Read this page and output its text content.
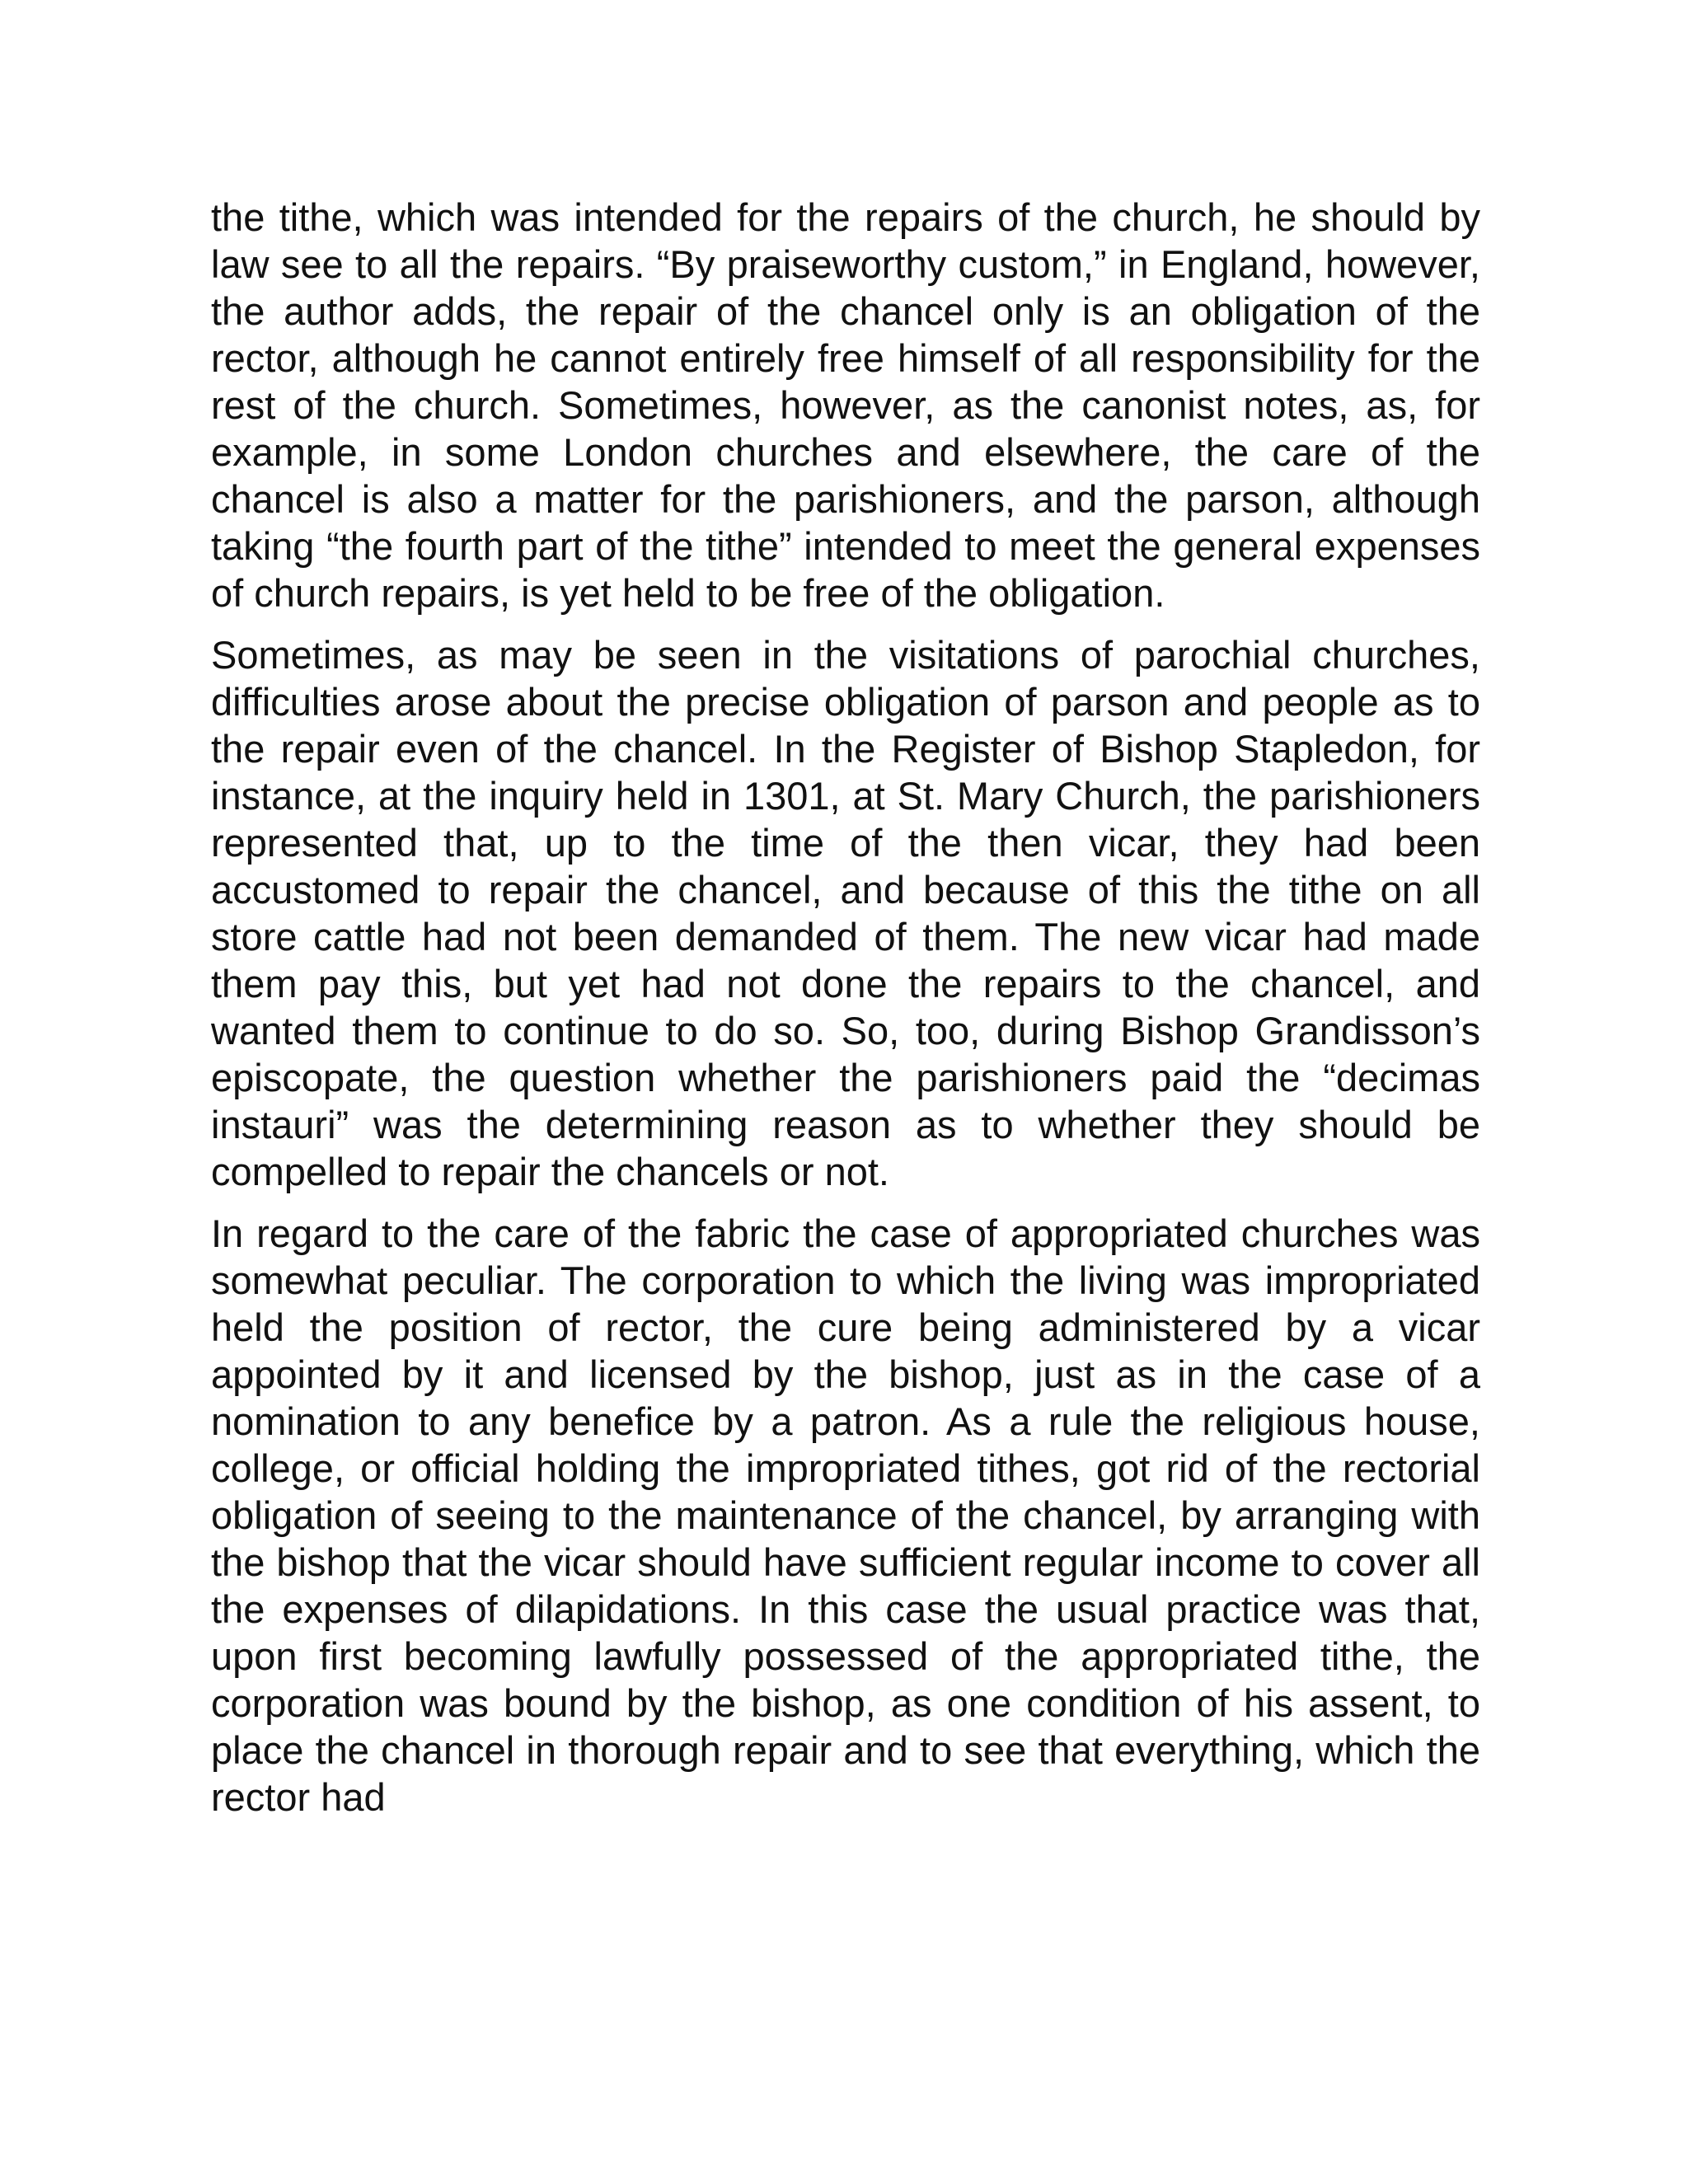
the tithe, which was intended for the repairs of the church, he should by law see to all the repairs. “By praiseworthy custom,” in England, however, the author adds, the repair of the chancel only is an obligation of the rector, although he cannot entirely free himself of all responsibility for the rest of the church. Sometimes, however, as the canonist notes, as, for example, in some London churches and elsewhere, the care of the chancel is also a matter for the parishioners, and the parson, although taking “the fourth part of the tithe” intended to meet the general expenses of church repairs, is yet held to be free of the obligation.

Sometimes, as may be seen in the visitations of parochial churches, difficulties arose about the precise obligation of parson and people as to the repair even of the chancel. In the Register of Bishop Stapledon, for instance, at the inquiry held in 1301, at St. Mary Church, the parishioners represented that, up to the time of the then vicar, they had been accustomed to repair the chancel, and because of this the tithe on all store cattle had not been demanded of them. The new vicar had made them pay this, but yet had not done the repairs to the chancel, and wanted them to continue to do so. So, too, during Bishop Grandisson’s episcopate, the question whether the parishioners paid the “decimas instauri” was the determining reason as to whether they should be compelled to repair the chancels or not.

In regard to the care of the fabric the case of appropriated churches was somewhat peculiar. The corporation to which the living was impropriated held the position of rector, the cure being administered by a vicar appointed by it and licensed by the bishop, just as in the case of a nomination to any benefice by a patron. As a rule the religious house, college, or official holding the impropriated tithes, got rid of the rectorial obligation of seeing to the maintenance of the chancel, by arranging with the bishop that the vicar should have sufficient regular income to cover all the expenses of dilapidations. In this case the usual practice was that, upon first becoming lawfully possessed of the appropriated tithe, the corporation was bound by the bishop, as one condition of his assent, to place the chancel in thorough repair and to see that everything, which the rector had
